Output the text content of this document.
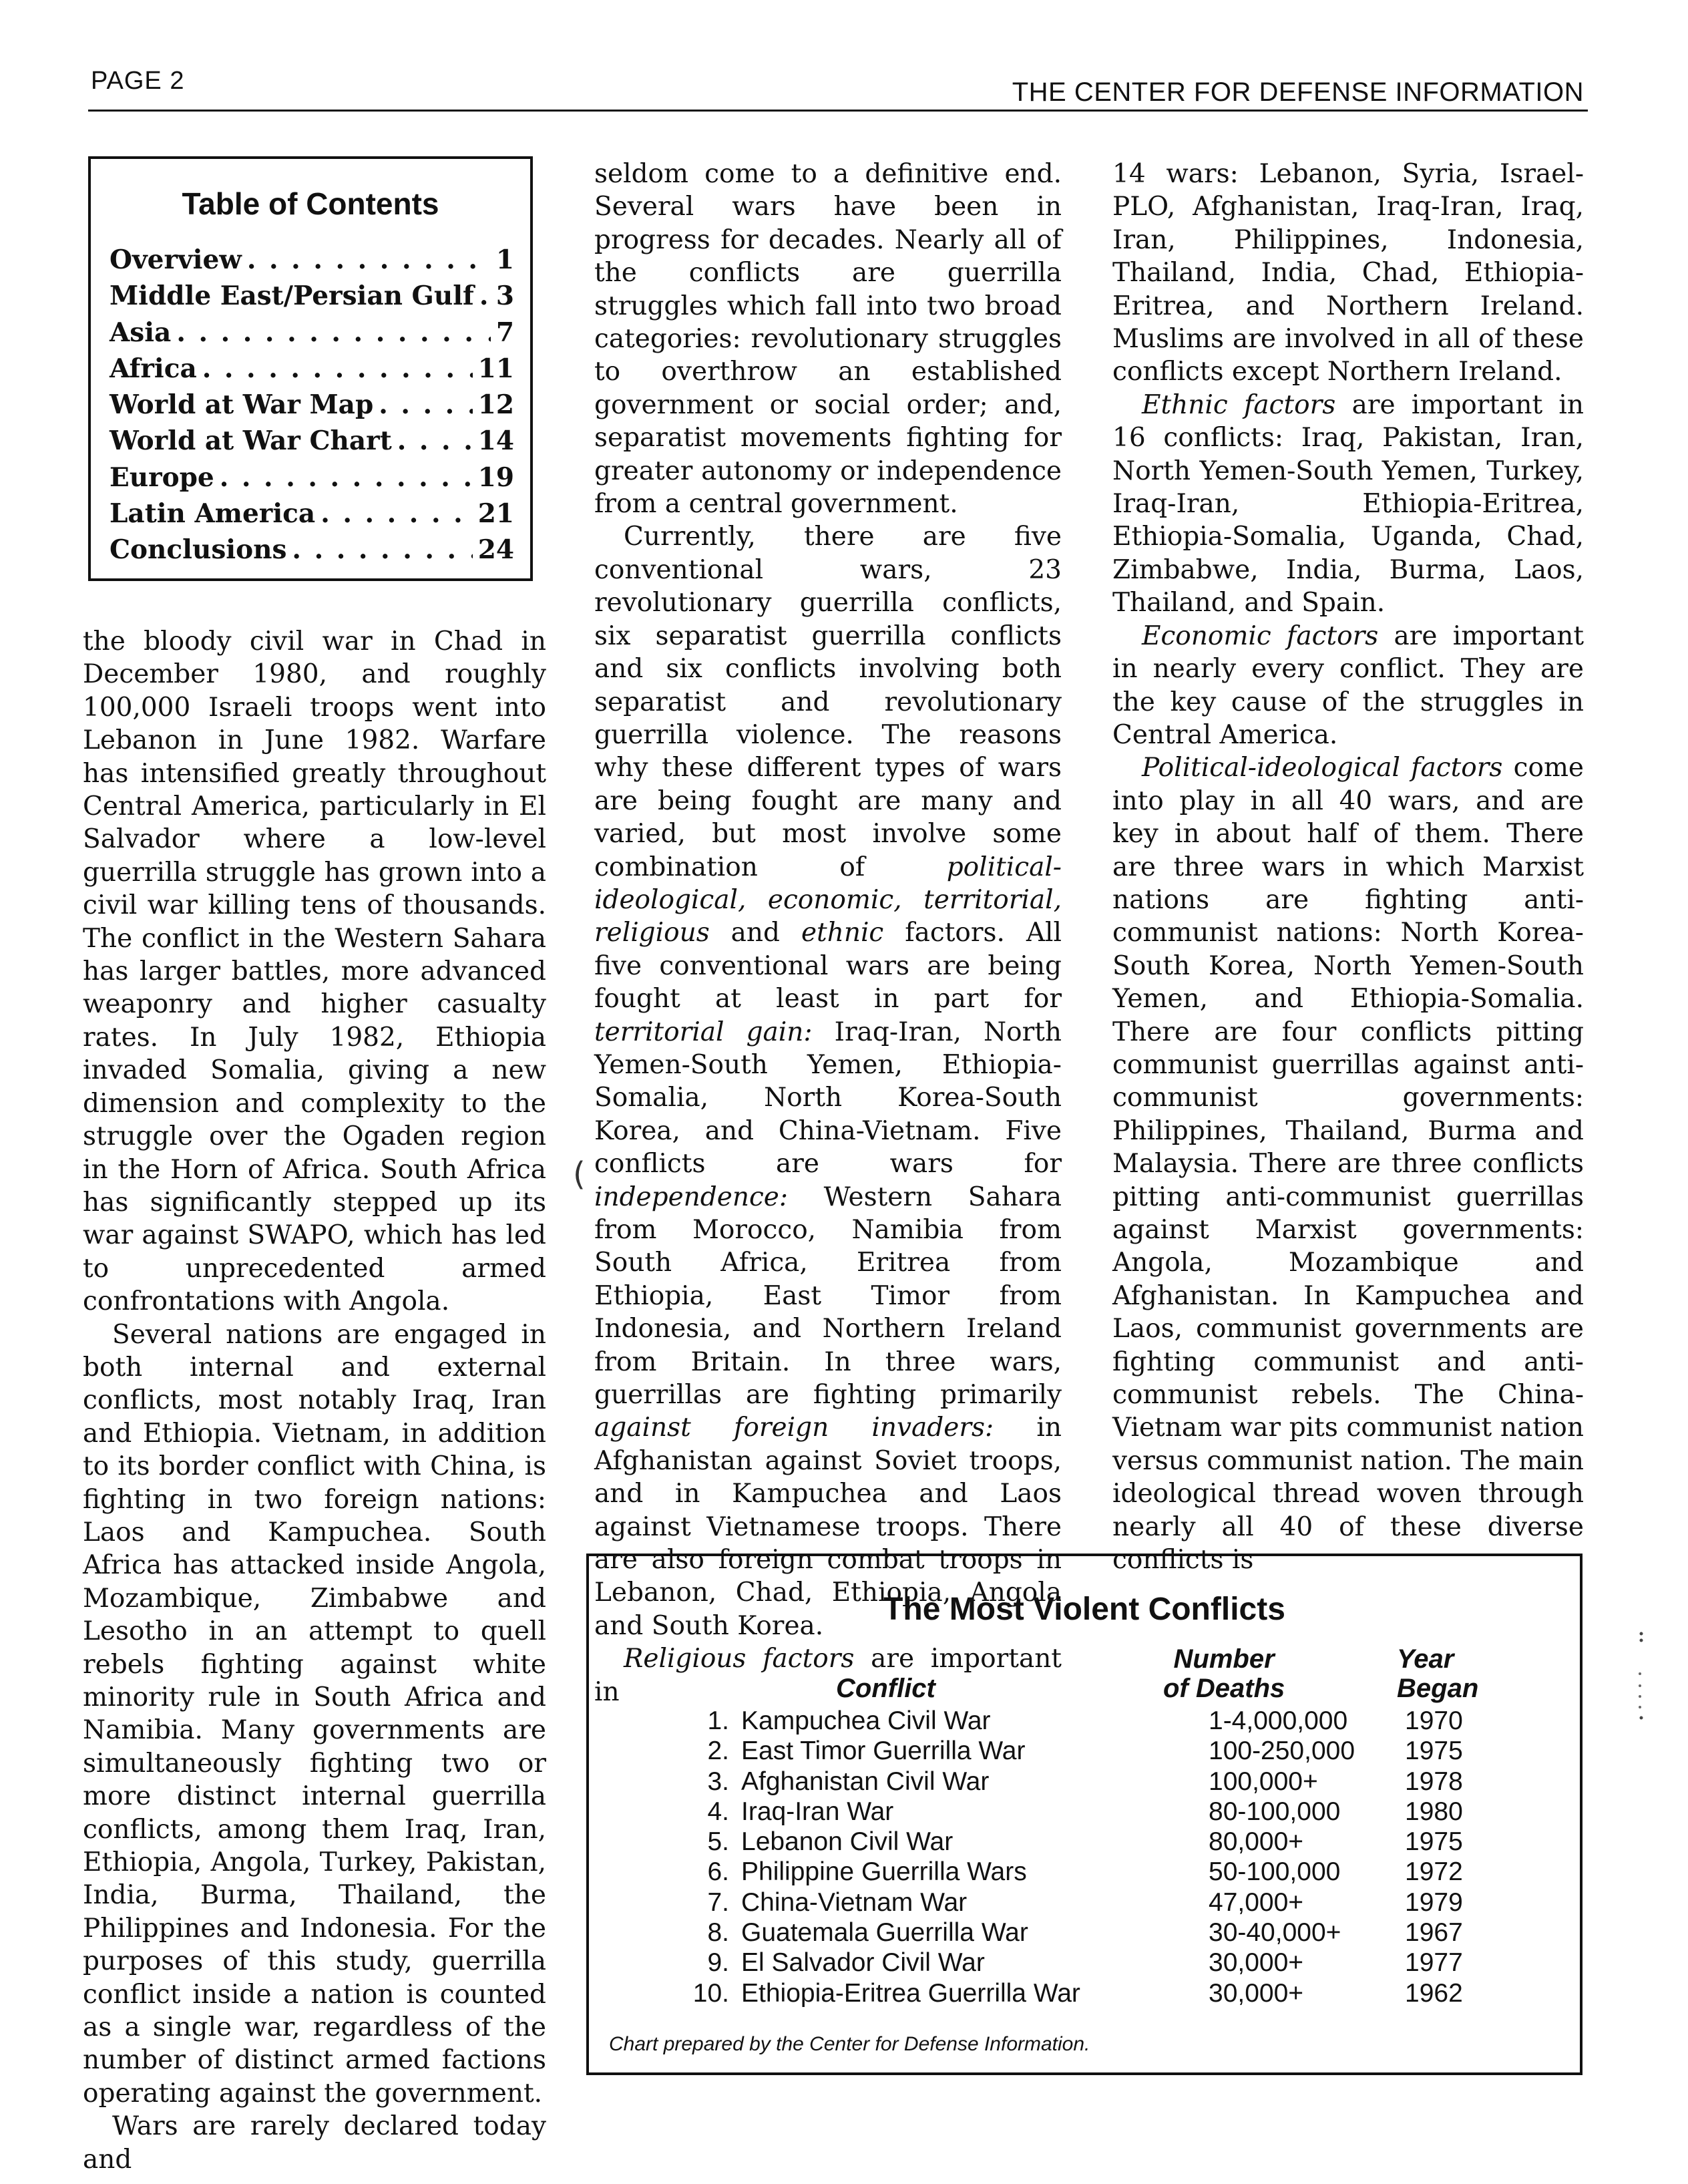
PAGE 2	THE CENTER FOR DEFENSE INFORMATION
Table of Contents
Overview . . .	1
Middle East/Persian Gulf . . . 3
Asia . . .	7
Africa . . .	11
World at War Map . . .	12
World at War Chart . . .	14
Europe . . .	19
Latin America . . .	21
Conclusions . . .	24

the bloody civil war in Chad in December 1980, and roughly 100,000 Israeli troops went into Lebanon in June 1982. Warfare has intensified greatly throughout Central America, particularly in El Salvador where a low-level guerrilla struggle has grown into a civil war killing tens of thousands. The conflict in the Western Sahara has larger battles, more advanced weaponry and higher casualty rates. In July 1982, Ethiopia invaded Somalia, giving a new dimension and complexity to the struggle over the Ogaden region in the Horn of Africa. South Africa has significantly stepped up its war against SWAPO, which has led to unprecedented armed confrontations with Angola.

Several nations are engaged in both internal and external conflicts, most notably Iraq, Iran and Ethiopia. Vietnam, in addition to its border conflict with China, is fighting in two foreign nations: Laos and Kampuchea. South Africa has attacked inside Angola, Mozambique, Zimbabwe and Lesotho in an attempt to quell rebels fighting against white minority rule in South Africa and Namibia. Many governments are simultaneously fighting two or more distinct internal guerrilla conflicts, among them Iraq, Iran, Ethiopia, Angola, Turkey, Pakistan, India, Burma, Thailand, the Philippines and Indonesia. For the purposes of this study, guerrilla conflict inside a nation is counted as a single war, regardless of the number of distinct armed factions operating against the government.

Wars are rarely declared today and

seldom come to a definitive end. Several wars have been in progress for decades. Nearly all of the conflicts are guerrilla struggles which fall into two broad categories: revolutionary struggles to overthrow an established government or social order; and, separatist movements fighting for greater autonomy or independence from a central government.

Currently, there are five conventional wars, 23 revolutionary guerrilla conflicts, six separatist guerrilla conflicts and six conflicts involving both separatist and revolutionary guerrilla violence. The reasons why these different types of wars are being fought are many and varied, but most involve some combination of political-ideological, economic, territorial, religious and ethnic factors. All five conventional wars are being fought at least in part for territorial gain: Iraq-Iran, North Yemen-South Yemen, Ethiopia-Somalia, North Korea-South Korea, and China-Vietnam. Five conflicts are wars for independence: Western Sahara from Morocco, Namibia from South Africa, Eritrea from Ethiopia, East Timor from Indonesia, and Northern Ireland from Britain. In three wars, guerrillas are fighting primarily against foreign invaders: in Afghanistan against Soviet troops, and in Kampuchea and Laos against Vietnamese troops. There are also foreign combat troops in Lebanon, Chad, Ethiopia, Angola and South Korea.

Religious factors are important in

14 wars: Lebanon, Syria, Israel-PLO, Afghanistan, Iraq-Iran, Iraq, Iran, Philippines, Indonesia, Thailand, India, Chad, Ethiopia-Eritrea, and Northern Ireland. Muslims are involved in all of these conflicts except Northern Ireland.

Ethnic factors are important in 16 conflicts: Iraq, Pakistan, Iran, North Yemen-South Yemen, Turkey, Iraq-Iran, Ethiopia-Eritrea, Ethiopia-Somalia, Uganda, Chad, Zimbabwe, India, Burma, Laos, Thailand, and Spain.

Economic factors are important in nearly every conflict. They are the key cause of the struggles in Central America.

Political-ideological factors come into play in all 40 wars, and are key in about half of them. There are three wars in which Marxist nations are fighting anti-communist nations: North Korea-South Korea, North Yemen-South Yemen, and Ethiopia-Somalia. There are four conflicts pitting communist guerrillas against anti-communist governments: Philippines, Thailand, Burma and Malaysia. There are three conflicts pitting anti-communist guerrillas against Marxist governments: Angola, Mozambique and Afghanistan. In Kampuchea and Laos, communist governments are fighting communist and anti-communist rebels. The China-Vietnam war pits communist nation versus communist nation. The main ideological thread woven through nearly all 40 of these diverse conflicts is

The Most Violent Conflicts
Conflict
Number
of Deaths
Year
Began
1. Kampuchea Civil War	1-4,000,000 1970
2. East Timor Guerrilla War	100-250,000 1975
3. Afghanistan Civil War	100,000+	1978
4. Iraq-Iran War	80-100,000 1980
5. Lebanon Civil War	80,000+	1975
6. Philippine Guerrilla Wars	50-100,000 1972
7. China-Vietnam War	47,000+	1979
8. Guatemala Guerrilla War	30-40,000+ 1967
9. El Salvador Civil War	30,000+	1977
10. Ethiopia-Eritrea Guerrilla War	30,000+	1962
Chart prepared by the Center for Defense Information.
(
